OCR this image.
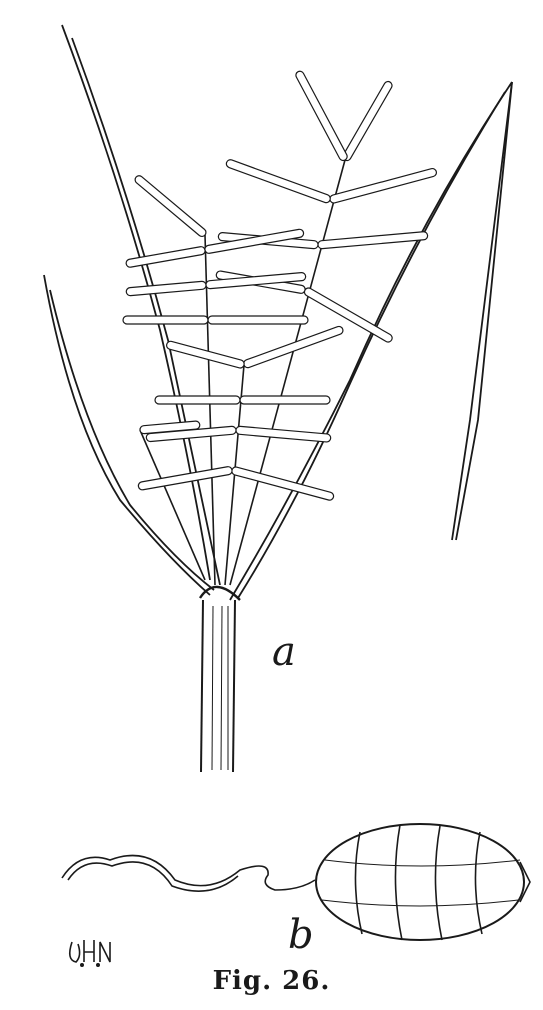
a
b
Fig. 26.
